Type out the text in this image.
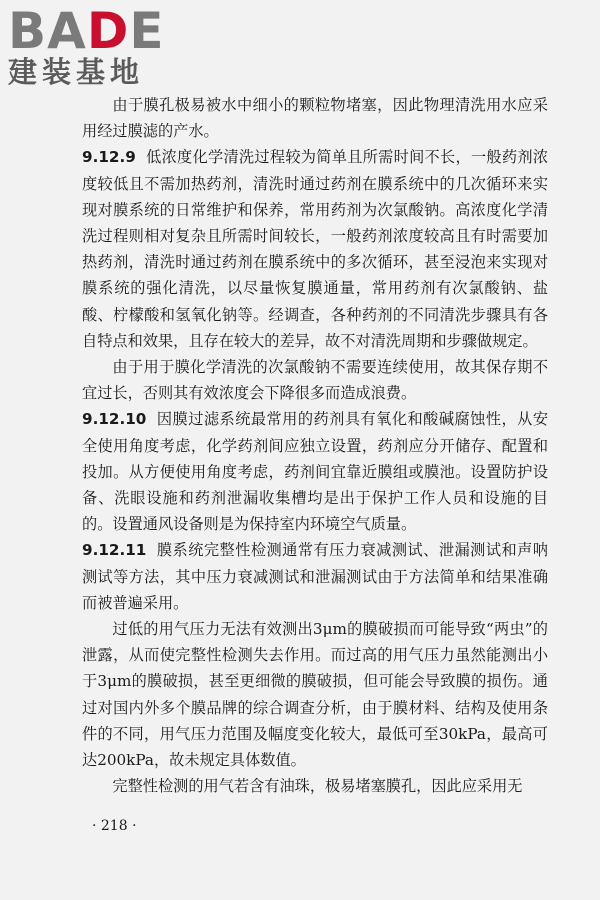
BADE
建装基地

由于膜孔极易被水中细小的颗粒物堵塞，因此物理清洗用水应采用经过膜滤的产水。

9.12.9 低浓度化学清洗过程较为简单且所需时间不长，一般药剂浓度较低且不需加热药剂，清洗时通过药剂在膜系统中的几次循环来实现对膜系统的日常维护和保养，常用药剂为次氯酸钠。高浓度化学清洗过程则相对复杂且所需时间较长，一般药剂浓度较高且有时需要加热药剂，清洗时通过药剂在膜系统中的多次循环，甚至浸泡来实现对膜系统的强化清洗，以尽量恢复膜通量，常用药剂有次氯酸钠、盐酸、柠檬酸和氢氧化钠等。经调查，各种药剂的不同清洗步骤具有各自特点和效果，且存在较大的差异，故不对清洗周期和步骤做规定。

由于用于膜化学清洗的次氯酸钠不需要连续使用，故其保存期不宜过长，否则其有效浓度会下降很多而造成浪费。

9.12.10 因膜过滤系统最常用的药剂具有氧化和酸碱腐蚀性，从安全使用角度考虑，化学药剂间应独立设置，药剂应分开储存、配置和投加。从方便使用角度考虑，药剂间宜靠近膜组或膜池。设置防护设备、洗眼设施和药剂泄漏收集槽均是出于保护工作人员和设施的目的。设置通风设备则是为保持室内环境空气质量。

9.12.11 膜系统完整性检测通常有压力衰减测试、泄漏测试和声呐测试等方法，其中压力衰减测试和泄漏测试由于方法简单和结果准确而被普遍采用。

过低的用气压力无法有效测出3μm的膜破损而可能导致“两虫”的泄露，从而使完整性检测失去作用。而过高的用气压力虽然能测出小于3μm的膜破损，甚至更细微的膜破损，但可能会导致膜的损伤。通过对国内外多个膜品牌的综合调查分析，由于膜材料、结构及使用条件的不同，用气压力范围及幅度变化较大，最低可至30kPa，最高可达200kPa，故未规定具体数值。

完整性检测的用气若含有油珠，极易堵塞膜孔，因此应采用无

· 218 ·
